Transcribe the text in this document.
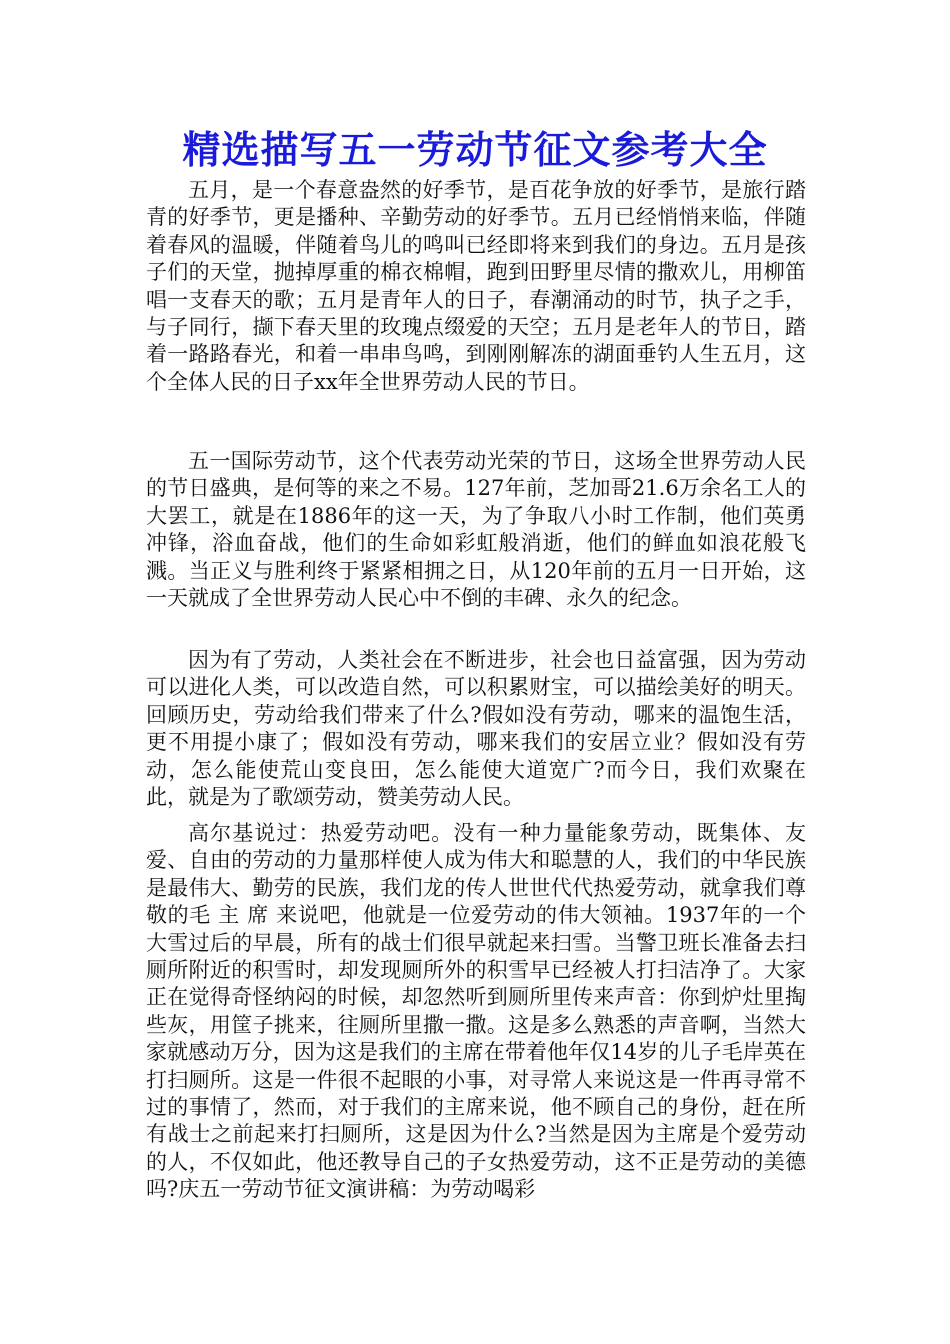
精选描写五一劳动节征文参考大全

五月，是一个春意盎然的好季节，是百花争放的好季节，是旅行踏青的好季节，更是播种、辛勤劳动的好季节。五月已经悄悄来临，伴随着春风的温暖，伴随着鸟儿的鸣叫已经即将来到我们的身边。五月是孩子们的天堂，抛掉厚重的棉衣棉帽，跑到田野里尽情的撒欢儿，用柳笛唱一支春天的歌；五月是青年人的日子，春潮涌动的时节，执子之手，与子同行，撷下春天里的玫瑰点缀爱的天空；五月是老年人的节日，踏着一路路春光，和着一串串鸟鸣，到刚刚解冻的湖面垂钓人生五月，这个全体人民的日子xx年全世界劳动人民的节日。

五一国际劳动节，这个代表劳动光荣的节日，这场全世界劳动人民的节日盛典，是何等的来之不易。127年前，芝加哥21.6万余名工人的大罢工，就是在1886年的这一天，为了争取八小时工作制，他们英勇冲锋，浴血奋战，他们的生命如彩虹般消逝，他们的鲜血如浪花般飞溅。当正义与胜利终于紧紧相拥之日，从120年前的五月一日开始，这一天就成了全世界劳动人民心中不倒的丰碑、永久的纪念。

因为有了劳动，人类社会在不断进步，社会也日益富强，因为劳动可以进化人类，可以改造自然，可以积累财宝，可以描绘美好的明天。回顾历史，劳动给我们带来了什么?假如没有劳动，哪来的温饱生活，更不用提小康了；假如没有劳动，哪来我们的安居立业？假如没有劳动，怎么能使荒山变良田，怎么能使大道宽广?而今日，我们欢聚在此，就是为了歌颂劳动，赞美劳动人民。

高尔基说过：热爱劳动吧。没有一种力量能象劳动，既集体、友爱、自由的劳动的力量那样使人成为伟大和聪慧的人，我们的中华民族是最伟大、勤劳的民族，我们龙的传人世世代代热爱劳动，就拿我们尊敬的毛 主 席 来说吧，他就是一位爱劳动的伟大领袖。1937年的一个大雪过后的早晨，所有的战士们很早就起来扫雪。当警卫班长准备去扫厕所附近的积雪时，却发现厕所外的积雪早已经被人打扫洁净了。大家正在觉得奇怪纳闷的时候，却忽然听到厕所里传来声音：你到炉灶里掏些灰，用筐子挑来，往厕所里撒一撒。这是多么熟悉的声音啊，当然大家就感动万分，因为这是我们的主席在带着他年仅14岁的儿子毛岸英在打扫厕所。这是一件很不起眼的小事，对寻常人来说这是一件再寻常不过的事情了，然而，对于我们的主席来说，他不顾自己的身份，赶在所有战士之前起来打扫厕所，这是因为什么?当然是因为主席是个爱劳动的人，不仅如此，他还教导自己的子女热爱劳动，这不正是劳动的美德吗?庆五一劳动节征文演讲稿：为劳动喝彩
